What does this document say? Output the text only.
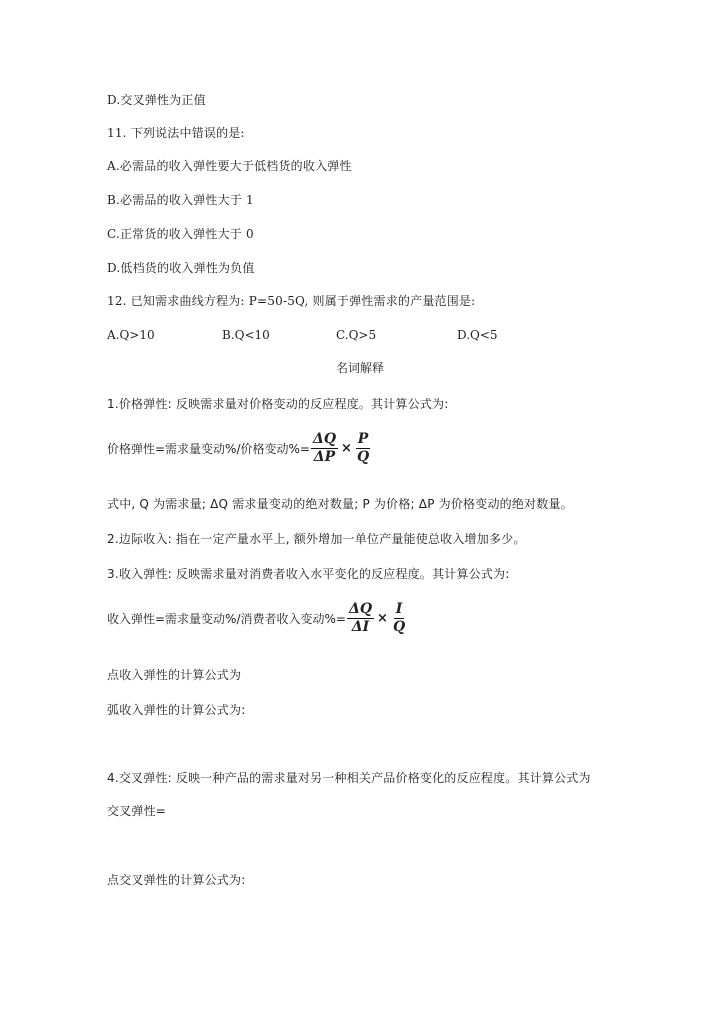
D.交叉弹性为正值
11. 下列说法中错误的是:
A.必需品的收入弹性要大于低档货的收入弹性
B.必需品的收入弹性大于 1
C.正常货的收入弹性大于 0
D.低档货的收入弹性为负值
12. 已知需求曲线方程为: P=50-5Q, 则属于弹性需求的产量范围是:
A.Q>10	B.Q<10	C.Q>5	D.Q<5
名词解释
1.价格弹性: 反映需求量对价格变动的反应程度。其计算公式为:
价格弹性=需求量变动%/价格变动%= $\frac{\Delta Q}{\Delta P} \times \frac{P}{Q}$
式中, Q 为需求量; ΔQ 需求量变动的绝对数量; P 为价格; ΔP 为价格变动的绝对数量。
2.边际收入: 指在一定产量水平上, 额外增加一单位产量能使总收入增加多少。
3.收入弹性: 反映需求量对消费者收入水平变化的反应程度。其计算公式为:
收入弹性=需求量变动%/消费者收入变动%= $\frac{\Delta Q}{\Delta I} \times \frac{I}{Q}$
点收入弹性的计算公式为
弧收入弹性的计算公式为:
4.交叉弹性: 反映一种产品的需求量对另一种相关产品价格变化的反应程度。其计算公式为
交叉弹性=
点交叉弹性的计算公式为:
